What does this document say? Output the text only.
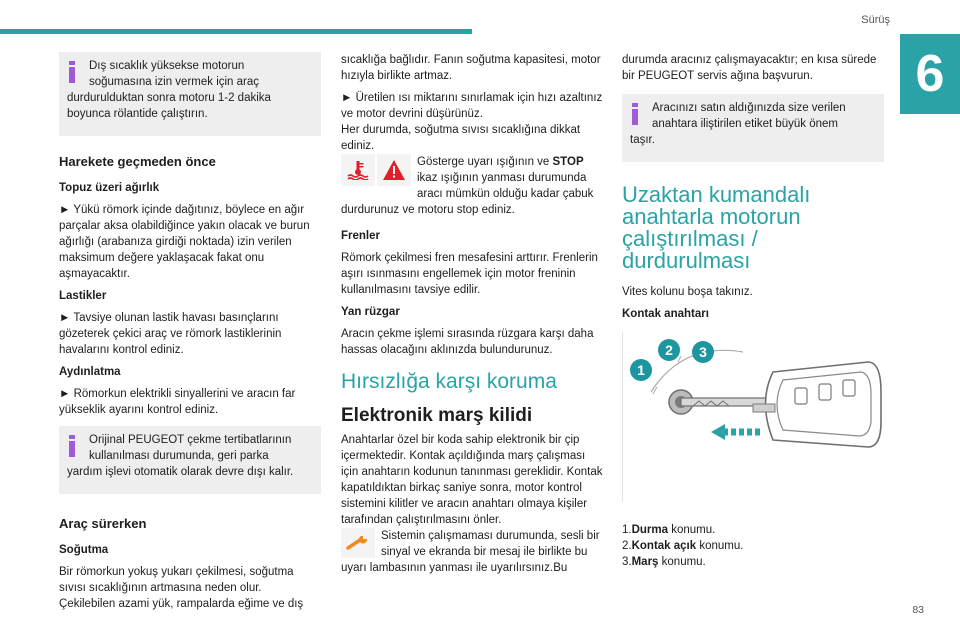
Sürüş
6
83

Dış sıcaklık yüksekse motorun
soğumasına izin vermek için araç
durdurulduktan sonra motoru 1-2 dakika boyunca rölantide çalıştırın.

Harekete geçmeden önce
Topuz üzeri ağırlık

► Yükü römork içinde dağıtınız, böylece en ağır parçalar aksa olabildiğince yakın olacak ve burun ağırlığı (arabanıza girdiği noktada) izin verilen maksimum değere yaklaşacak fakat onu aşmayacaktır.

Lastikler

► Tavsiye olunan lastik havası basınçlarını gözeterek çekici araç ve römork lastiklerinin havalarını kontrol ediniz.

Aydınlatma

► Römorkun elektrikli sinyallerini ve aracın far yükseklik ayarını kontrol ediniz.

Orijinal PEUGEOT çekme tertibatlarının
kullanılması durumunda, geri parka
yardım işlevi otomatik olarak devre dışı kalır.

Araç sürerken
Soğutma

Bir römorkun yokuş yukarı çekilmesi, soğutma sıvısı sıcaklığının artmasına neden olur. Çekilebilen azami yük, rampalarda eğime ve dış

sıcaklığa bağlıdır. Fanın soğutma kapasitesi, motor hızıyla birlikte artmaz.

► Üretilen ısı miktarını sınırlamak için hızı azaltınız ve motor devrini düşürünüz.

Her durumda, soğutma sıvısı sıcaklığına dikkat ediniz.

Gösterge uyarı ışığının ve STOP ikaz ışığının yanması durumunda aracı mümkün olduğu kadar çabuk durdurunuz ve motoru stop ediniz.

Frenler

Römork çekilmesi fren mesafesini arttırır. Frenlerin aşırı ısınmasını engellemek için motor freninin kullanılmasını tavsiye edilir.

Yan rüzgar

Aracın çekme işlemi sırasında rüzgara karşı daha hassas olacağını aklınızda bulundurunuz.

Hırsızlığa karşı koruma
Elektronik marş kilidi

Anahtarlar özel bir koda sahip elektronik bir çip içermektedir. Kontak açıldığında marş çalışması için anahtarın kodunun tanınması gereklidir. Kontak kapatıldıktan birkaç saniye sonra, motor kontrol sistemini kilitler ve aracın anahtarı olmaya kişiler tarafından çalıştırılmasını önler.

Sistemin çalışmaması durumunda, sesli bir sinyal ve ekranda bir mesaj ile birlikte bu uyarı lambasının yanması ile uyarılırsınız.Bu

durumda aracınız çalışmayacaktır; en kısa sürede bir PEUGEOT servis ağına başvurun.

Aracınızı satın aldığınızda size verilen
anahtara iliştirilen etiket büyük önem
taşır.

Uzaktan kumandalı anahtarla motorun çalıştırılması / durdurulması

Vites kolunu boşa takınız.

Kontak anahtarı
1
2 3
1.Durma konumu.
2.Kontak açık konumu.
3.Marş konumu.
